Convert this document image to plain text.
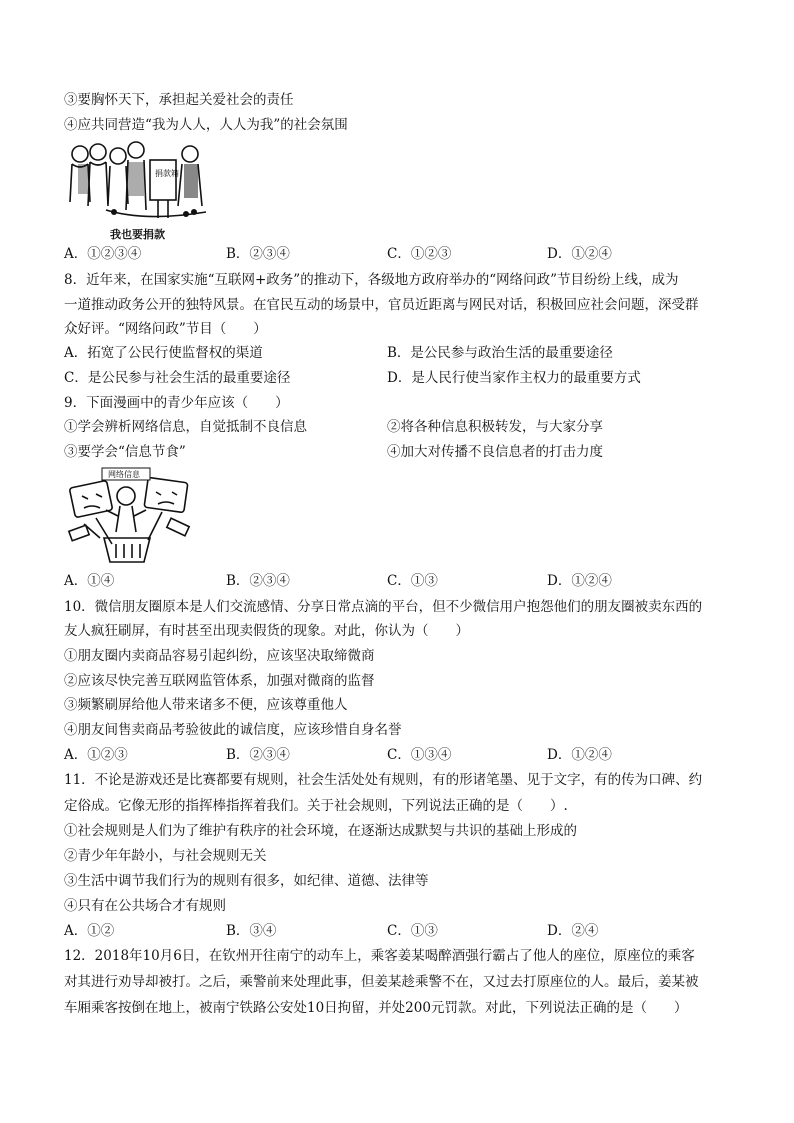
③要胸怀天下，承担起关爱社会的责任
④应共同营造“我为人人，人人为我”的社会氛围
捐款箱
我也要捐款
A．①②③④	B．②③④	C．①②③	D．①②④
8．近年来，在国家实施“互联网+政务”的推动下，各级地方政府举办的“网络问政”节目纷纷上线，成为
一道推动政务公开的独特风景。在官民互动的场景中，官员近距离与网民对话，积极回应社会问题，深受群
众好评。“网络问政”节目（　　）
A．拓宽了公民行使监督权的渠道	B．是公民参与政治生活的最重要途径
C．是公民参与社会生活的最重要途径	D．是人民行使当家作主权力的最重要方式
9．下面漫画中的青少年应该（　　）
①学会辨析网络信息，自觉抵制不良信息	②将各种信息积极转发，与大家分享
③要学会“信息节食”	④加大对传播不良信息者的打击力度
网络信息
A．①④	B．②③④	C．①③	D．①②④
10．微信朋友圈原本是人们交流感情、分享日常点滴的平台，但不少微信用户抱怨他们的朋友圈被卖东西的
友人疯狂刷屏，有时甚至出现卖假货的现象。对此，你认为（　　）
①朋友圈内卖商品容易引起纠纷，应该坚决取缔微商
②应该尽快完善互联网监管体系，加强对微商的监督
③频繁刷屏给他人带来诸多不便，应该尊重他人
④朋友间售卖商品考验彼此的诚信度，应该珍惜自身名誉
A．①②③	B．②③④	C．①③④	D．①②④
11．不论是游戏还是比赛都要有规则，社会生活处处有规则，有的形诸笔墨、见于文字，有的传为口碑、约
定俗成。它像无形的指挥棒指挥着我们。关于社会规则，下列说法正确的是（　　）.
①社会规则是人们为了维护有秩序的社会环境，在逐渐达成默契与共识的基础上形成的
②青少年年龄小，与社会规则无关
③生活中调节我们行为的规则有很多，如纪律、道德、法律等
④只有在公共场合才有规则
A．①②	B．③④	C．①③	D．②④
12．2018年10月6日，在钦州开往南宁的动车上，乘客姜某喝醉酒强行霸占了他人的座位，原座位的乘客
对其进行劝导却被打。之后，乘警前来处理此事，但姜某趁乘警不在，又过去打原座位的人。最后，姜某被
车厢乘客按倒在地上，被南宁铁路公安处10日拘留，并处200元罚款。对此，下列说法正确的是（　　）
